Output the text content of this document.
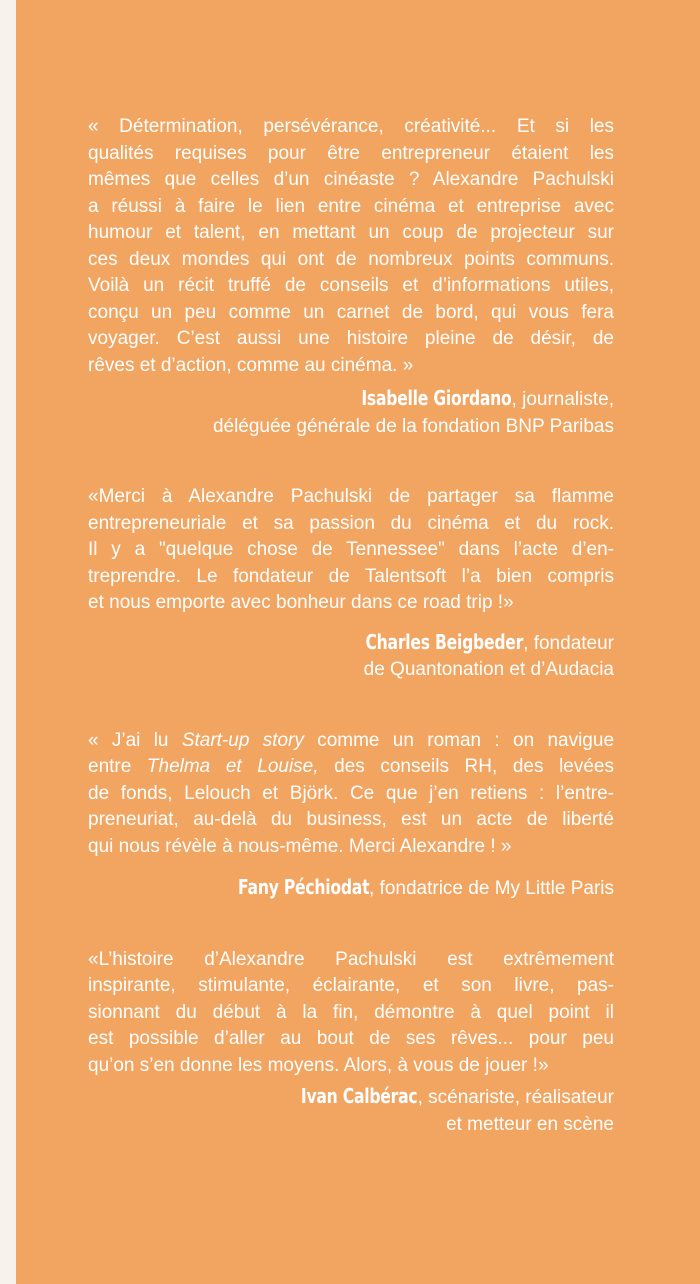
« Détermination, persévérance, créativité... Et si les
qualités requises pour être entrepreneur étaient les
mêmes que celles d’un cinéaste ? Alexandre Pachulski
a réussi à faire le lien entre cinéma et entreprise avec
humour et talent, en mettant un coup de projecteur sur
ces deux mondes qui ont de nombreux points communs.
Voilà un récit truffé de conseils et d’informations utiles,
conçu un peu comme un carnet de bord, qui vous fera
voyager. C’est aussi une histoire pleine de désir, de
rêves et d’action, comme au cinéma. »
Isabelle Giordano, journaliste,
déléguée générale de la fondation BNP Paribas
«Merci à Alexandre Pachulski de partager sa flamme
entrepreneuriale et sa passion du cinéma et du rock.
Il y a "quelque chose de Tennessee" dans l’acte d’en-
treprendre. Le fondateur de Talentsoft l’a bien compris
et nous emporte avec bonheur dans ce road trip !»
Charles Beigbeder, fondateur
de Quantonation et d’Audacia
« J’ai lu Start-up story comme un roman : on navigue
entre Thelma et Louise, des conseils RH, des levées
de fonds, Lelouch et Björk. Ce que j’en retiens : l’entre-
preneuriat, au-delà du business, est un acte de liberté
qui nous révèle à nous-même. Merci Alexandre ! »
Fany Péchiodat, fondatrice de My Little Paris
«L’histoire d’Alexandre Pachulski est extrêmement
inspirante, stimulante, éclairante, et son livre, pas-
sionnant du début à la fin, démontre à quel point il
est possible d’aller au bout de ses rêves... pour peu
qu’on s’en donne les moyens. Alors, à vous de jouer !»
Ivan Calbérac, scénariste, réalisateur
et metteur en scène
